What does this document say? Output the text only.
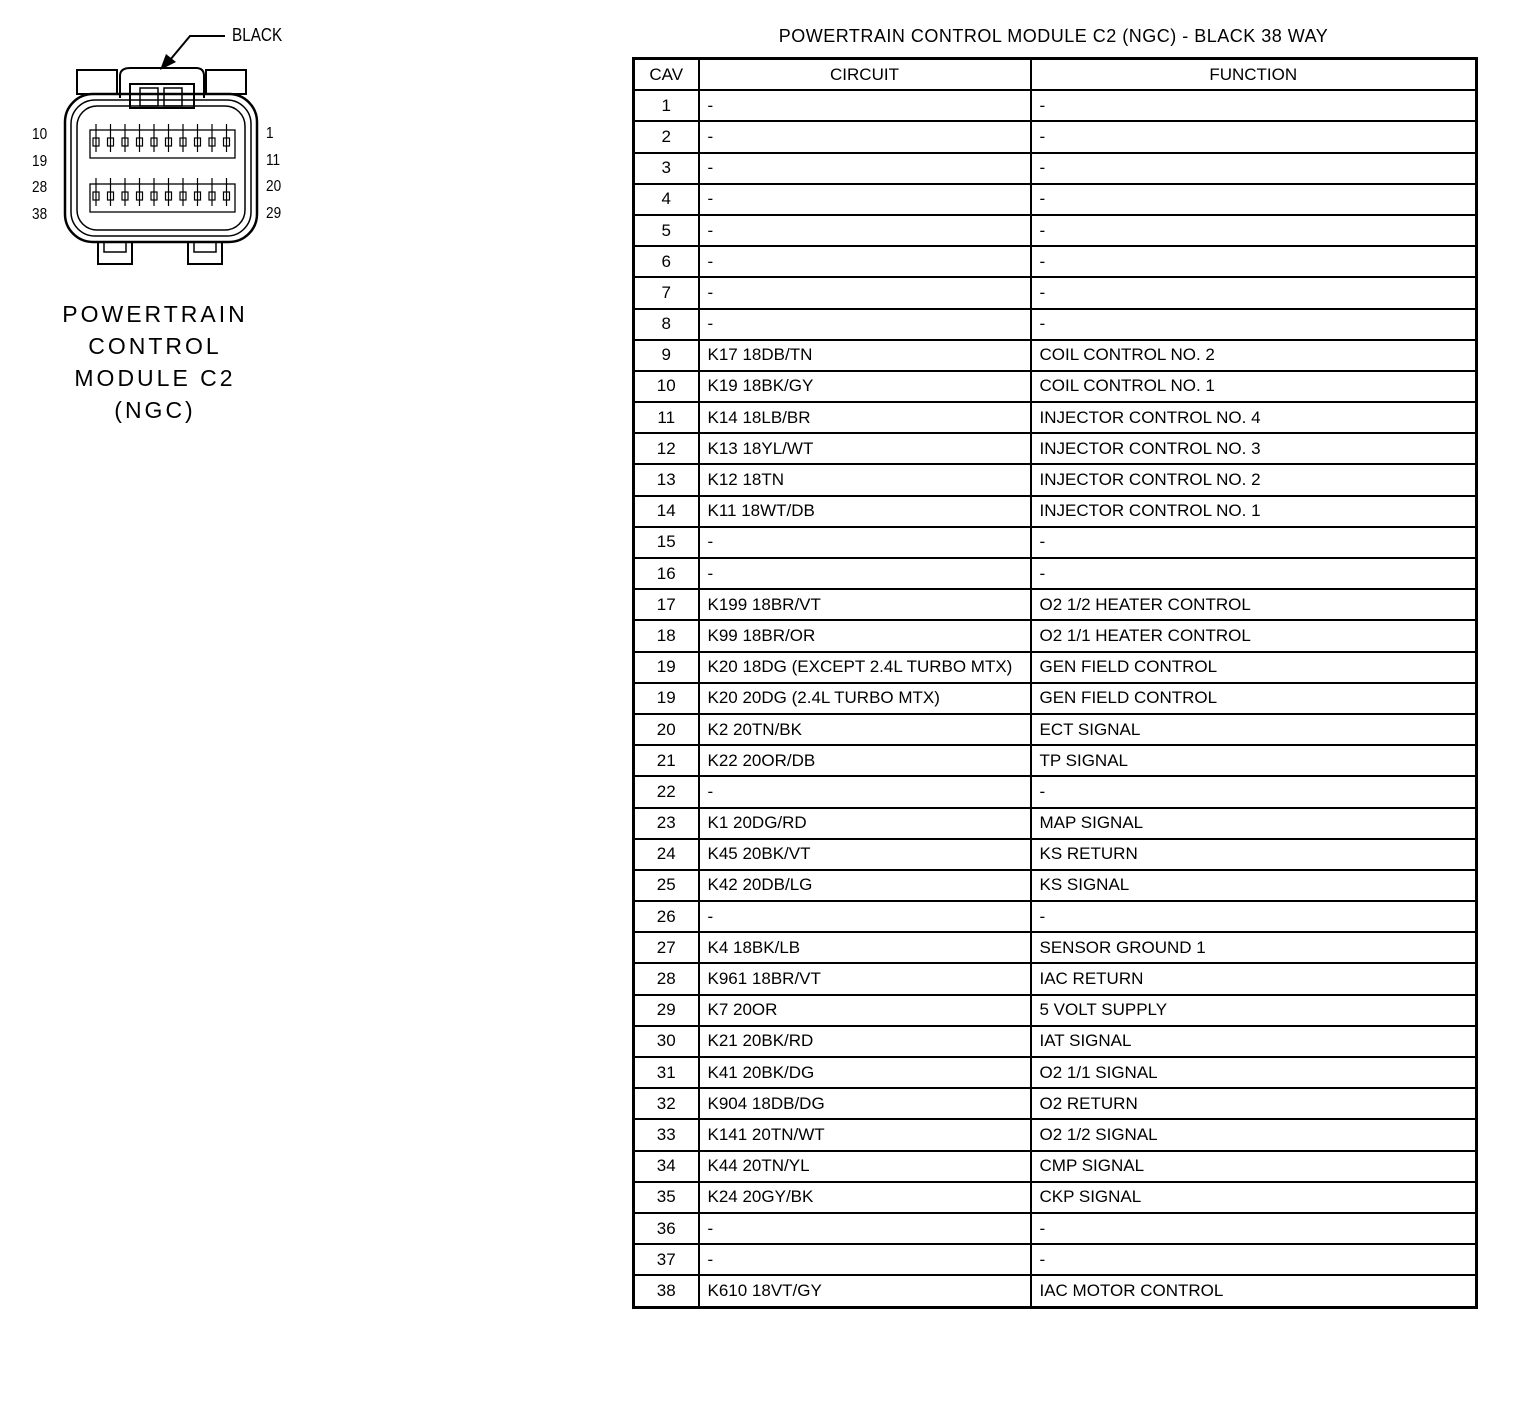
BLACK
10
19
28
38
1
11
20
29
POWERTRAIN
CONTROL
MODULE C2
(NGC)
POWERTRAIN CONTROL MODULE C2 (NGC) - BLACK 38 WAY
CAV	CIRCUIT	FUNCTION
1	-	-
2	-	-
3	-	-
4	-	-
5	-	-
6	-	-
7	-	-
8	-	-
9	K17 18DB/TN	COIL CONTROL NO. 2
10	K19 18BK/GY	COIL CONTROL NO. 1
11	K14 18LB/BR	INJECTOR CONTROL NO. 4
12	K13 18YL/WT	INJECTOR CONTROL NO. 3
13	K12 18TN	INJECTOR CONTROL NO. 2
14	K11 18WT/DB	INJECTOR CONTROL NO. 1
15	-	-
16	-	-
17	K199 18BR/VT	O2 1/2 HEATER CONTROL
18	K99 18BR/OR	O2 1/1 HEATER CONTROL
19	K20 18DG (EXCEPT 2.4L TURBO MTX)	GEN FIELD CONTROL
19	K20 20DG (2.4L TURBO MTX)	GEN FIELD CONTROL
20	K2 20TN/BK	ECT SIGNAL
21	K22 20OR/DB	TP SIGNAL
22	-	-
23	K1 20DG/RD	MAP SIGNAL
24	K45 20BK/VT	KS RETURN
25	K42 20DB/LG	KS SIGNAL
26	-	-
27	K4 18BK/LB	SENSOR GROUND 1
28	K961 18BR/VT	IAC RETURN
29	K7 20OR	5 VOLT SUPPLY
30	K21 20BK/RD	IAT SIGNAL
31	K41 20BK/DG	O2 1/1 SIGNAL
32	K904 18DB/DG	O2 RETURN
33	K141 20TN/WT	O2 1/2 SIGNAL
34	K44 20TN/YL	CMP SIGNAL
35	K24 20GY/BK	CKP SIGNAL
36	-	-
37	-	-
38	K610 18VT/GY	IAC MOTOR CONTROL
